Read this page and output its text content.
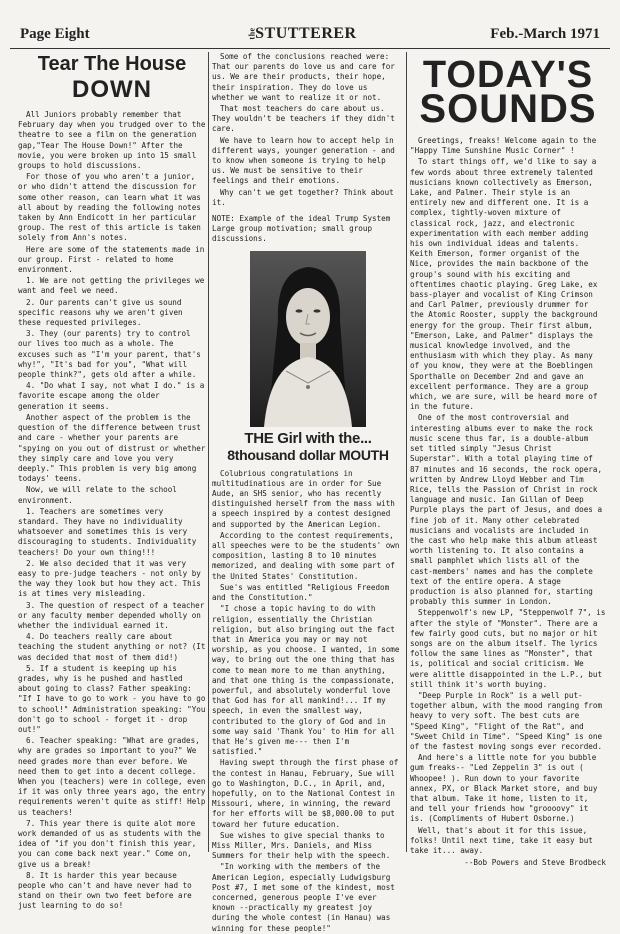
Page Eight	theSTUTTERER	Feb.-March 1971
Tear The House
DOWN

All Juniors probably remember that February day when you trudged over to the theatre to see a film on the generation gap,"Tear The House Down!" After the movie, you were broken up into 15 small groups to hold discussions.

For those of you who aren't a junior, or who didn't attend the discussion for some other reason, can learn what it was all about by reading the following notes taken by Ann Endicott in her particular group. The rest of this article is taken solely from Ann's notes.

Here are some of the statements made in our group. First - related to home environment.

1. We are not getting the privileges we want and feel we need.

2. Our parents can't give us sound specific reasons why we aren't given these requested privileges.

3. They (our parents) try to control our lives too much as a whole. The excuses such as "I'm your parent, that's why!", "It's bad for you", "What will people think?", gets old after a while.

4. "Do what I say, not what I do." is a favorite escape among the older generation it seems.

Another aspect of the problem is the question of the difference between trust and care - whether your parents are "spying on you out of distrust or whether they simply care and love you very deeply." This problem is very big among todays' teens.

Now, we will relate to the school environment.

1. Teachers are sometimes very standard. They have no individuality whatsoever and sometimes this is very discouraging to students. Individuality teachers! Do your own thing!!!

2. We also decided that it was very easy to pre-judge teachers - not only by the way they look but how they act. This is at times very misleading.

3. The question of respect of a teacher or any faculty member depended wholly on whether the individual earned it.

4. Do teachers really care about teaching the student anything or not? (It was decided that most of them did!)

5. If a student is keeping up his grades, why is he pushed and hastled about going to class? Father speaking: "If I have to go to work - you have to go to school!" Administration speaking: "You don't go to school - forget it - drop out!"

6. Teacher speaking: "What are grades, why are grades so important to you?" We need grades more than ever before. We need them to get into a decent college. When you (teachers) were in college, even if it was only three years ago, the entry requirements weren't quite as stiff! Help us teachers!

7. This year there is quite alot more work demanded of us as students with the idea of "if you don't finish this year, you can come back next year." Come on, give us a break!

8. It is harder this year because people who can't and have never had to stand on their own two feet before are just learning to do so!

Some of the conclusions reached were: That our parents do love us and care for us. We are their products, their hope, their inspiration. They do love us whether we want to realize it or not.

That most teachers do care about us. They wouldn't be teachers if they didn't care.

We have to learn how to accept help in different ways, younger generation - and to know when someone is trying to help us. We must be sensitive to their feelings and their emotions.

Why can't we get together? Think about it.

NOTE: Example of the ideal Trump System Large group motivation; small group discussions.

THE Girl with the...
8thousand dollar MOUTH

Colubrious congratulations in multitudinatious are in order for Sue Aude, an SHS senior, who has recently distinguished herself from the mass with a speech inspired by a contest designed and supported by the American Legion.

According to the contest requirements, all speeches were to be the students' own composition, lasting 8 to 10 minutes memorized, and dealing with some part of the United States' Constitution.

Sue's was entitled "Religious Freedom and the Constitution."

"I chose a topic having to do with religion, essentially the Christian religion, but also bringing out the fact that in America you may or may not worship, as you choose. I wanted, in some way, to bring out the one thing that has come to mean more to me than anything, and that one thing is the compassionate, powerful, and absolutely wonderful love that God has for all mankind!... If my speech, in even the smallest way, contributed to the glory of God and in some way said 'Thank You' to Him for all that He's given me--- then I'm satisfied."

Having swept through the first phase of the contest in Hanau, February, Sue will go to Washington, D.C., in April, and, hopefully, on to the National Contest in Missouri, where, in winning, the reward for her efforts will be $8,000.00 to put toward her future education.

Sue wishes to give special thanks to Miss Miller, Mrs. Daniels, and Miss Summers for their help with the speech.

"In working with the members of the American Legion, especially Ludwigsburg Post #7, I met some of the kindest, most concerned, generous people I've ever known --practically my greatest joy during the whole contest (in Hanau) was winning for these people!"

TODAY'S
SOUNDS

Greetings, freaks! Welcome again to the "Happy Time Sunshine Music Corner" !

To start things off, we'd like to say a few words about three extremely talented musicians known collectively as Emerson, Lake, and Palmer. Their style is an entirely new and different one. It is a complex, tightly-woven mixture of classical rock, jazz, and electronic experimentation with each member adding his own individual ideas and talents. Keith Emerson, former organist of the Nice, provides the main backbone of the group's sound with his exciting and oftentimes chaotic playing. Greg Lake, ex bass-player and vocalist of King Crimson and Carl Palmer, previously drummer for the Atomic Rooster, supply the background energy for the group. Their first album, "Emerson, Lake, and Palmer" displays the musical knowledge involved, and the enthusiasm with which they play. As many of you know, they were at the Boeblingen Sporthalle on December 2nd and gave an excellent performance. They are a group which, we are sure, will be heard more of in the future.

One of the most controversial and interesting albums ever to make the rock music scene thus far, is a double-album set titled simply "Jesus Christ Superstar". With a total playing time of 87 minutes and 16 seconds, the rock opera, written by Andrew Lloyd Webber and Tim Rice, tells the Passion of Christ in rock language and music. Ian Gillan of Deep Purple plays the part of Jesus, and does a fine job of it. Many other celebrated musicians and vocalists are included in the cast who help make this album atleast worth listening to. It also contains a small pamphlet which lists all of the cast-members' names and has the complete text of the entire opera. A stage production is also planned for, starting probably this summer in London.

Steppenwolf's new LP, "Steppenwolf 7", is after the style of "Monster". There are a few fairly good cuts, but no major or hit songs are on the album itself. The lyrics follow the same lines as "Monster", that is, political and social criticism. We were alittle disappointed in the L.P., but still think it's worth buying.

"Deep Purple in Rock" is a well put-together album, with the mood ranging from heavy to very soft. The best cuts are "Speed King", "Flight of the Rat", and "Sweet Child in Time". "Speed King" is one of the fastest moving songs ever recorded.

And here's a little note for you bubble gum freaks-- "Led Zeppelin 3" is out ( Whoopee! ). Run down to your favorite annex, PX, or Black Market store, and buy that album. Take it home, listen to it, and tell your friends how "groooovy" it is. (Compliments of Hubert Osborne.)

Well, that's about it for this issue, folks! Until next time, take it easy but take it... away.

--Bob Powers and Steve Brodbeck
